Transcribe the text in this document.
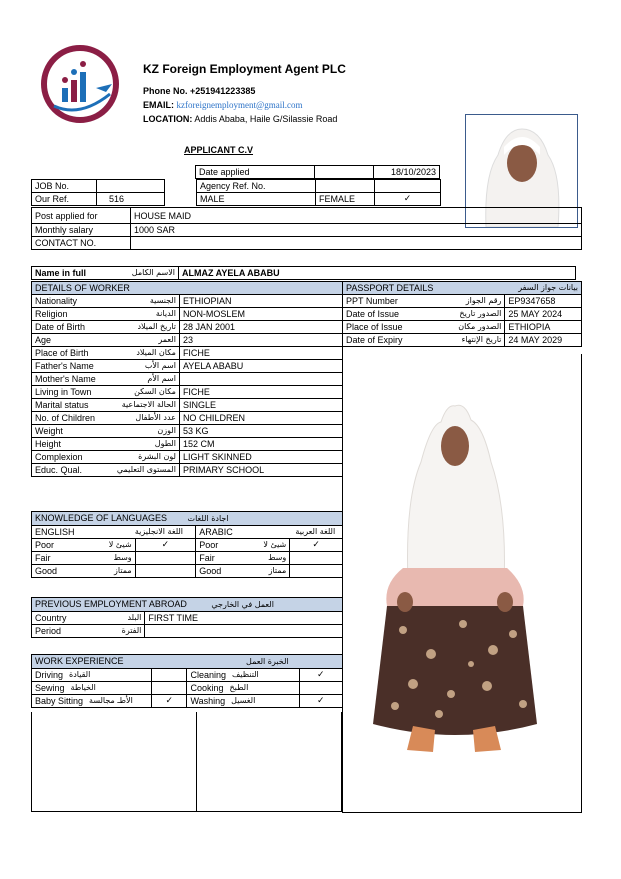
KZ Foreign Employment Agent PLC
Phone No. +251941223385
EMAIL: kzforeignemployment@gmail.com
LOCATION: Addis Ababa, Haile G/Silassie Road
APPLICANT C.V
Date applied		18/10/2023
JOB No.			Agency Ref. No.		
Our Ref.	516		MALE	FEMALE	✓
Post applied for	HOUSE MAID
Monthly salary	1000 SAR
CONTACT NO.	
Name in full	الاسم الكامل	ALMAZ AYELA ABABU
DETAILS OF WORKER	

Nationality الجنسية	ETHIOPIAN

Religion الديانة	NON-MOSLEM

Date of Birth تاريخ الميلاد	28 JAN 2001

Age العمر	23

Place of Birth مكان الميلاد	FICHE

Father's Name اسم الأب	AYELA ABABU

Mother's Name اسم الأم	

Living in Town مكان السكن	FICHE

Marital status الحالة الاجتماعية	SINGLE

No. of Children عدد الأطفال	NO CHILDREN

Weight الوزن	53 KG

Height الطول	152 CM

Complexion لون البشرة	LIGHT SKINNED

Educ. Qual. المستوى التعليمي	PRIMARY SCHOOL
PASSPORT DETAILS بيانات جواز السفر	

PPT Number رقم الجواز	EP9347658

Date of Issue الصدور تاريخ	25 MAY 2024

Place of Issue الصدور مكان	ETHIOPIA

Date of Expiry تاريخ الإنتهاء	24 MAY 2029
KNOWLEDGE OF LANGUAGES اجادة اللغات					

ENGLISH اللغة الانجليزية			ARABIC اللغة العربية		

Poor	شيئ لا	✓	Poor	شيئ لا	✓
Fair	وسط		Fair	وسط	
Good	ممتاز		Good	ممتاز	
PREVIOUS EMPLOYMENT ABROAD العمل في الخارجي	

Country البلد	FIRST TIME

Period الفترة	

WORK EXPERIENCE الخبرة العمل			

Driving القيادة		Cleaning التنظيف	✓

Sewing الخياطة		Cooking الطبخ	

Baby Sitting الأطـ مجالسة	✓	Washing الغسيل	✓
